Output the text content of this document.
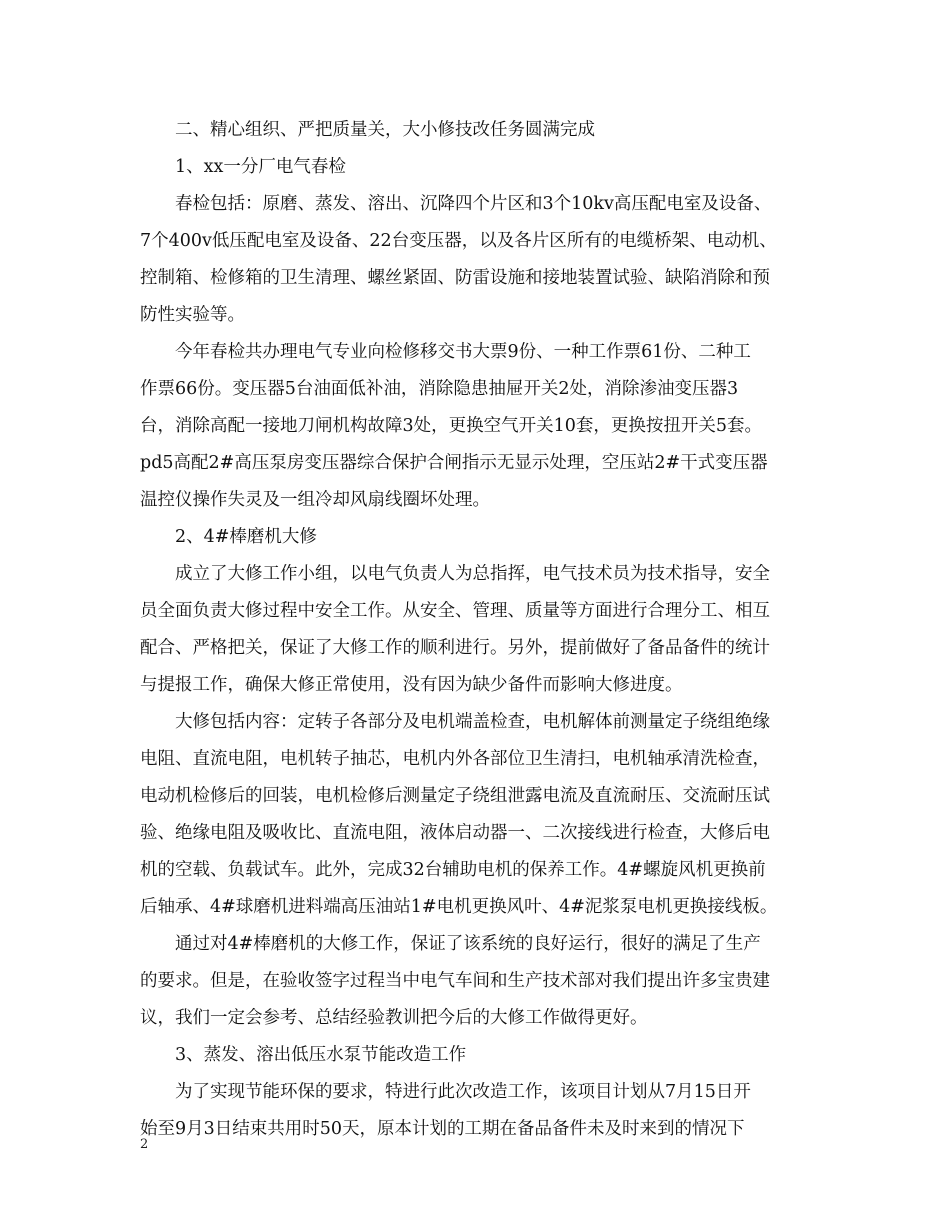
二、精心组织、严把质量关，大小修技改任务圆满完成

1、xx一分厂电气春检

春检包括：原磨、蒸发、溶出、沉降四个片区和3个10kv高压配电室及设备、

7个400v低压配电室及设备、22台变压器，以及各片区所有的电缆桥架、电动机、

控制箱、检修箱的卫生清理、螺丝紧固、防雷设施和接地装置试验、缺陷消除和预

防性实验等。

今年春检共办理电气专业向检修移交书大票9份、一种工作票61份、二种工

作票66份。变压器5台油面低补油，消除隐患抽屉开关2处，消除渗油变压器3

台，消除高配一接地刀闸机构故障3处，更换空气开关10套，更换按扭开关5套。

pd5高配2#高压泵房变压器综合保护合闸指示无显示处理，空压站2#干式变压器

温控仪操作失灵及一组冷却风扇线圈坏处理。

2、4#棒磨机大修

成立了大修工作小组，以电气负责人为总指挥，电气技术员为技术指导，安全

员全面负责大修过程中安全工作。从安全、管理、质量等方面进行合理分工、相互

配合、严格把关，保证了大修工作的顺利进行。另外，提前做好了备品备件的统计

与提报工作，确保大修正常使用，没有因为缺少备件而影响大修进度。

大修包括内容：定转子各部分及电机端盖检查，电机解体前测量定子绕组绝缘

电阻、直流电阻，电机转子抽芯，电机内外各部位卫生清扫，电机轴承清洗检查，

电动机检修后的回装，电机检修后测量定子绕组泄露电流及直流耐压、交流耐压试

验、绝缘电阻及吸收比、直流电阻，液体启动器一、二次接线进行检查，大修后电

机的空载、负载试车。此外，完成32台辅助电机的保养工作。4#螺旋风机更换前

后轴承、4#球磨机进料端高压油站1#电机更换风叶、4#泥浆泵电机更换接线板。

通过对4#棒磨机的大修工作，保证了该系统的良好运行，很好的满足了生产

的要求。但是，在验收签字过程当中电气车间和生产技术部对我们提出许多宝贵建

议，我们一定会参考、总结经验教训把今后的大修工作做得更好。

3、蒸发、溶出低压水泵节能改造工作

为了实现节能环保的要求，特进行此次改造工作，该项目计划从7月15日开

始至9月3日结束共用时50天，原本计划的工期在备品备件未及时来到的情况下

2
